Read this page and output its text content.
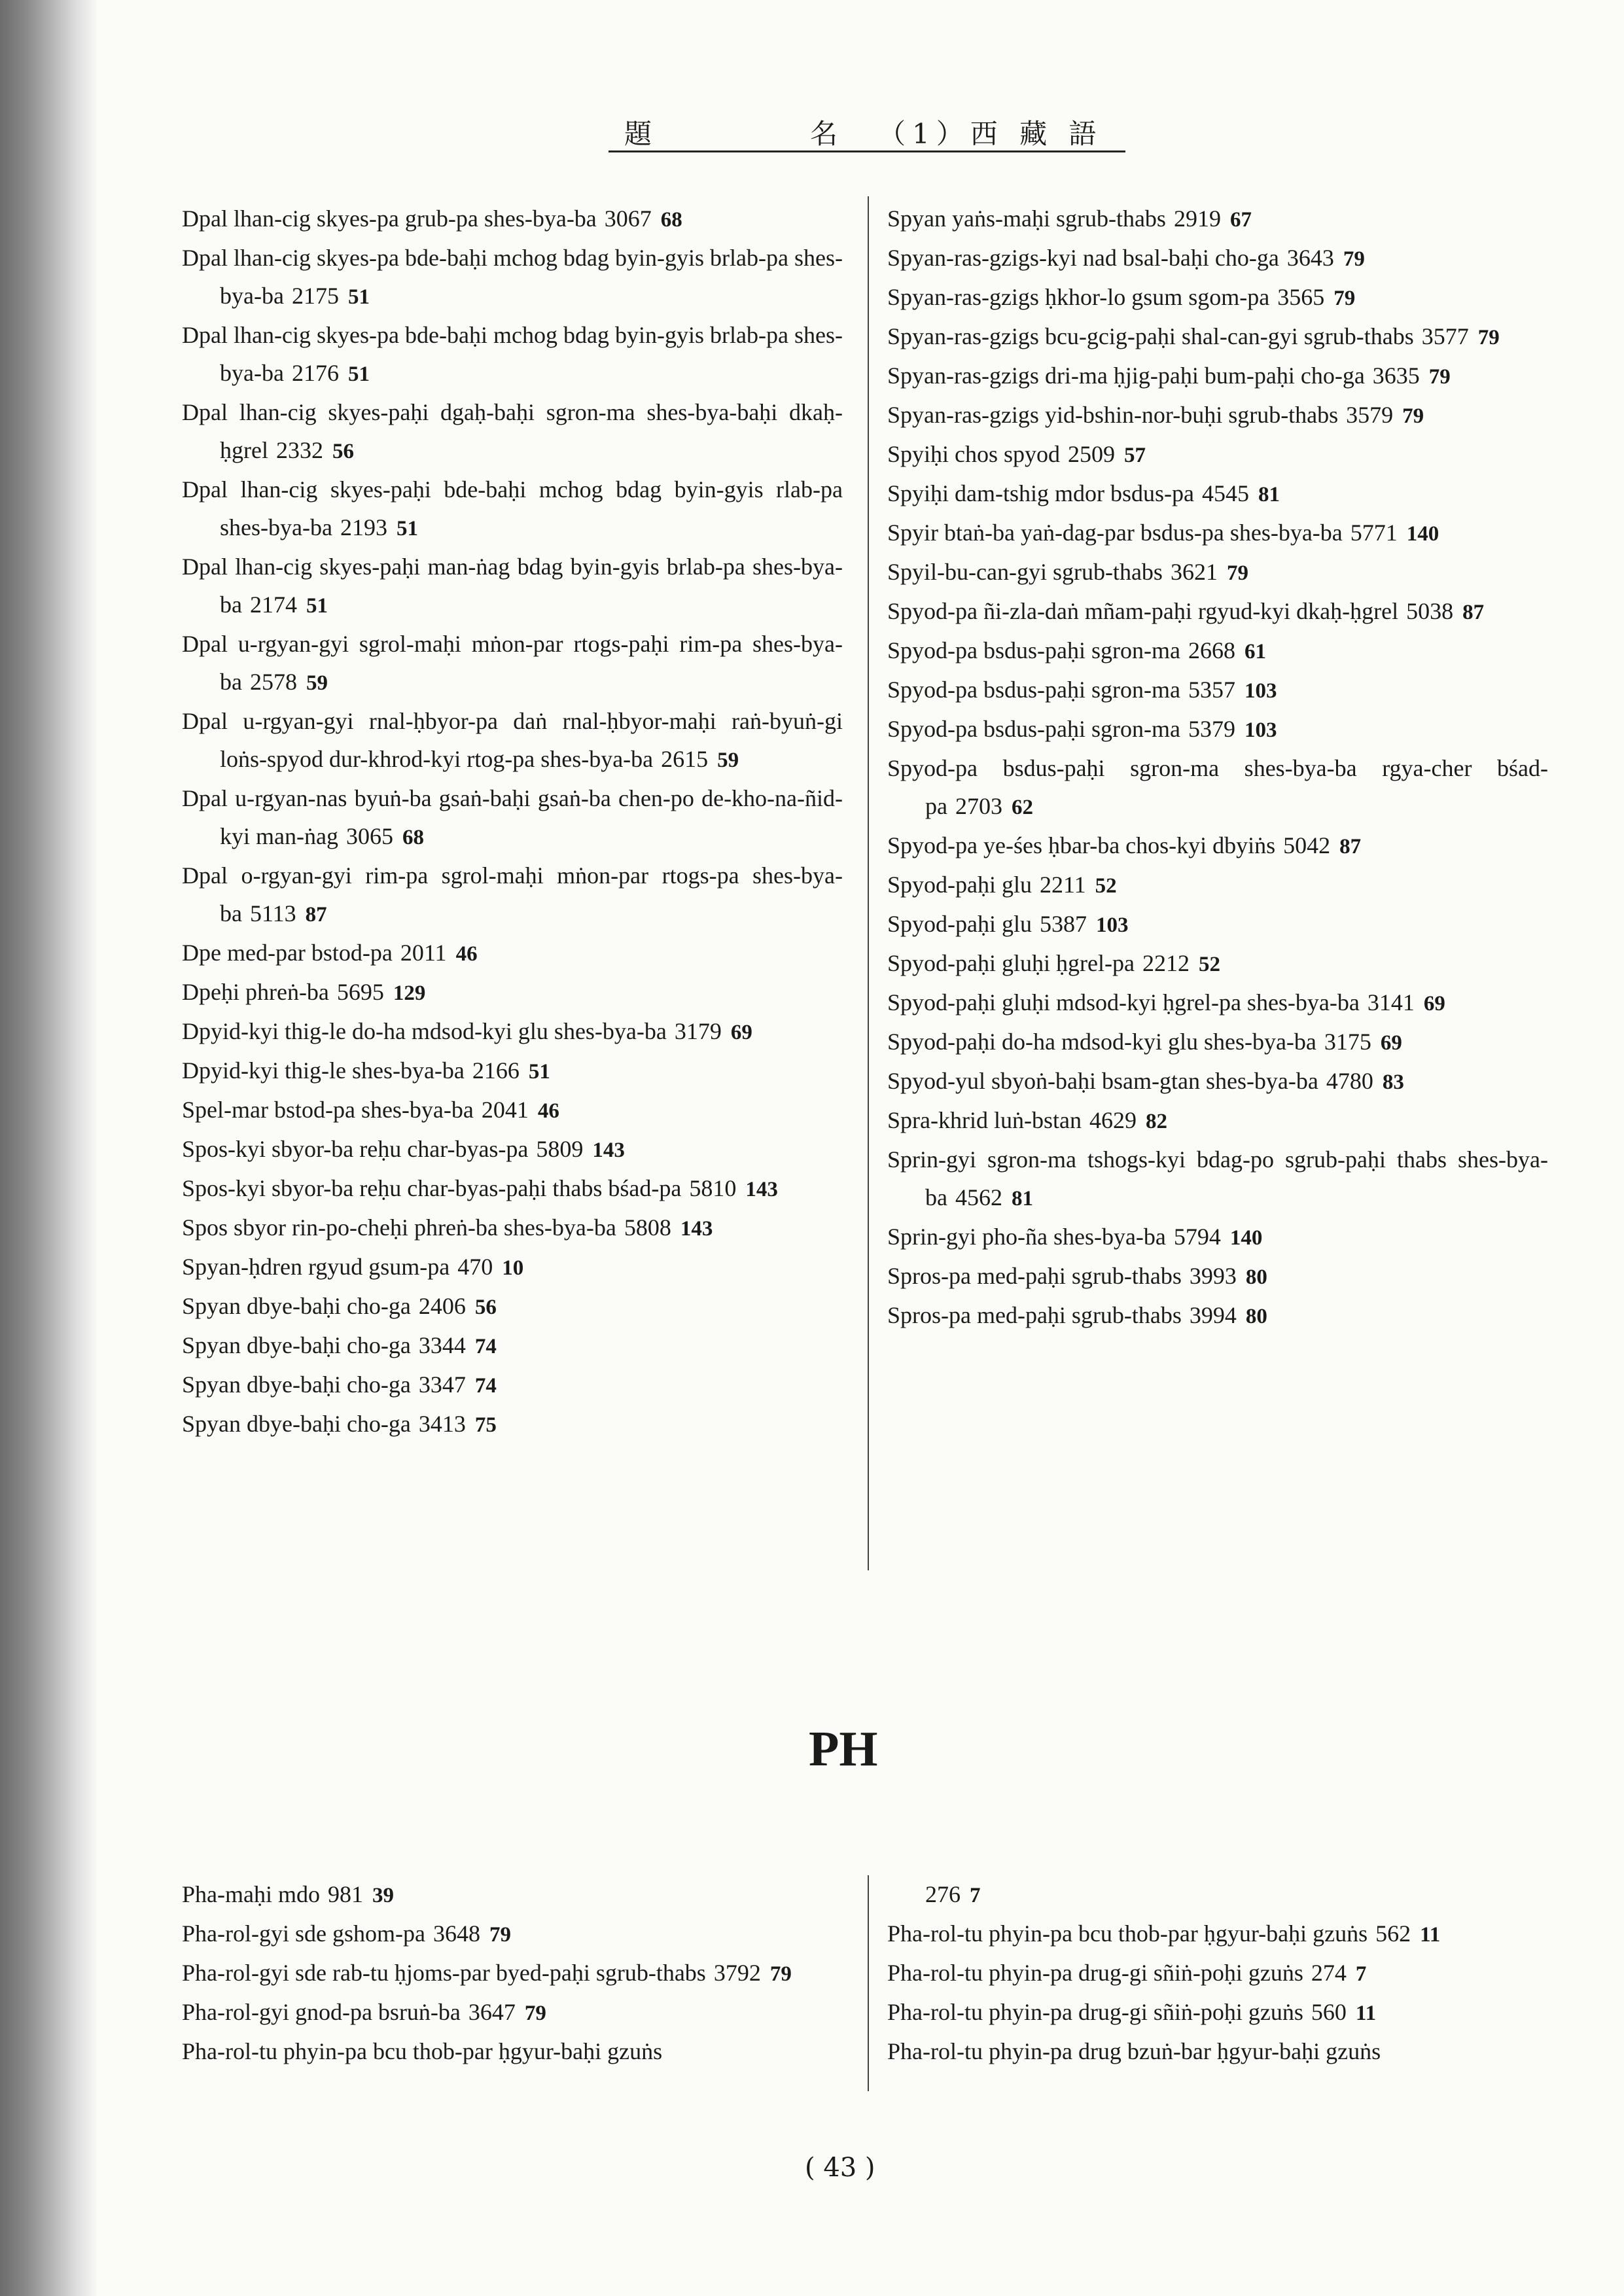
題　名
（1）西 藏 語
Dpal lhan-cig skyes-pa grub-pa shes-bya-ba 3067 68
Dpal lhan-cig skyes-pa bde-baḥi mchog bdag byin-gyis brlab-pa shes-bya-ba 2175 51
Dpal lhan-cig skyes-pa bde-baḥi mchog bdag byin-gyis brlab-pa shes-bya-ba 2176 51
Dpal lhan-cig skyes-paḥi dgaḥ-baḥi sgron-ma shes-bya-baḥi dkaḥ-ḥgrel 2332 56
Dpal lhan-cig skyes-paḥi bde-baḥi mchog bdag byin-gyis rlab-pa shes-bya-ba 2193 51
Dpal lhan-cig skyes-paḥi man-ṅag bdag byin-gyis brlab-pa shes-bya-ba 2174 51
Dpal u-rgyan-gyi sgrol-maḥi mṅon-par rtogs-paḥi rim-pa shes-bya-ba 2578 59
Dpal u-rgyan-gyi rnal-ḥbyor-pa daṅ rnal-ḥbyor-maḥi raṅ-byuṅ-gi loṅs-spyod dur-khrod-kyi rtog-pa shes-bya-ba 2615 59
Dpal u-rgyan-nas byuṅ-ba gsaṅ-baḥi gsaṅ-ba chen-po de-kho-na-ñid-kyi man-ṅag 3065 68
Dpal o-rgyan-gyi rim-pa sgrol-maḥi mṅon-par rtogs-pa shes-bya-ba 5113 87
Dpe med-par bstod-pa 2011 46
Dpeḥi phreṅ-ba 5695 129
Dpyid-kyi thig-le do-ha mdsod-kyi glu shes-bya-ba 3179 69
Dpyid-kyi thig-le shes-bya-ba 2166 51
Spel-mar bstod-pa shes-bya-ba 2041 46
Spos-kyi sbyor-ba reḥu char-byas-pa 5809 143
Spos-kyi sbyor-ba reḥu char-byas-paḥi thabs bśad-pa 5810 143
Spos sbyor rin-po-cheḥi phreṅ-ba shes-bya-ba 5808 143
Spyan-ḥdren rgyud gsum-pa 470 10
Spyan dbye-baḥi cho-ga 2406 56
Spyan dbye-baḥi cho-ga 3344 74
Spyan dbye-baḥi cho-ga 3347 74
Spyan dbye-baḥi cho-ga 3413 75
Spyan yaṅs-maḥi sgrub-thabs 2919 67
Spyan-ras-gzigs-kyi nad bsal-baḥi cho-ga 3643 79
Spyan-ras-gzigs ḥkhor-lo gsum sgom-pa 3565 79
Spyan-ras-gzigs bcu-gcig-paḥi shal-can-gyi sgrub-thabs 3577 79
Spyan-ras-gzigs dri-ma ḥjig-paḥi bum-paḥi cho-ga 3635 79
Spyan-ras-gzigs yid-bshin-nor-buḥi sgrub-thabs 3579 79
Spyiḥi chos spyod 2509 57
Spyiḥi dam-tshig mdor bsdus-pa 4545 81
Spyir btaṅ-ba yaṅ-dag-par bsdus-pa shes-bya-ba 5771 140
Spyil-bu-can-gyi sgrub-thabs 3621 79
Spyod-pa ñi-zla-daṅ mñam-paḥi rgyud-kyi dkaḥ-ḥgrel 5038 87
Spyod-pa bsdus-paḥi sgron-ma 2668 61
Spyod-pa bsdus-paḥi sgron-ma 5357 103
Spyod-pa bsdus-paḥi sgron-ma 5379 103
Spyod-pa bsdus-paḥi sgron-ma shes-bya-ba rgya-cher bśad-pa 2703 62
Spyod-pa ye-śes ḥbar-ba chos-kyi dbyiṅs 5042 87
Spyod-paḥi glu 2211 52
Spyod-paḥi glu 5387 103
Spyod-paḥi gluḥi ḥgrel-pa 2212 52
Spyod-paḥi gluḥi mdsod-kyi ḥgrel-pa shes-bya-ba 3141 69
Spyod-paḥi do-ha mdsod-kyi glu shes-bya-ba 3175 69
Spyod-yul sbyoṅ-baḥi bsam-gtan shes-bya-ba 4780 83
Spra-khrid luṅ-bstan 4629 82
Sprin-gyi sgron-ma tshogs-kyi bdag-po sgrub-paḥi thabs shes-bya-ba 4562 81
Sprin-gyi pho-ña shes-bya-ba 5794 140
Spros-pa med-paḥi sgrub-thabs 3993 80
Spros-pa med-paḥi sgrub-thabs 3994 80
PH
Pha-maḥi mdo 981 39
Pha-rol-gyi sde gshom-pa 3648 79
Pha-rol-gyi sde rab-tu ḥjoms-par byed-paḥi sgrub-thabs 3792 79
Pha-rol-gyi gnod-pa bsruṅ-ba 3647 79
Pha-rol-tu phyin-pa bcu thob-par ḥgyur-baḥi gzuṅs
276 7
Pha-rol-tu phyin-pa bcu thob-par ḥgyur-baḥi gzuṅs 562 11
Pha-rol-tu phyin-pa drug-gi sñiṅ-poḥi gzuṅs 274 7
Pha-rol-tu phyin-pa drug-gi sñiṅ-poḥi gzuṅs 560 11
Pha-rol-tu phyin-pa drug bzuṅ-bar ḥgyur-baḥi gzuṅs
( 43 )
